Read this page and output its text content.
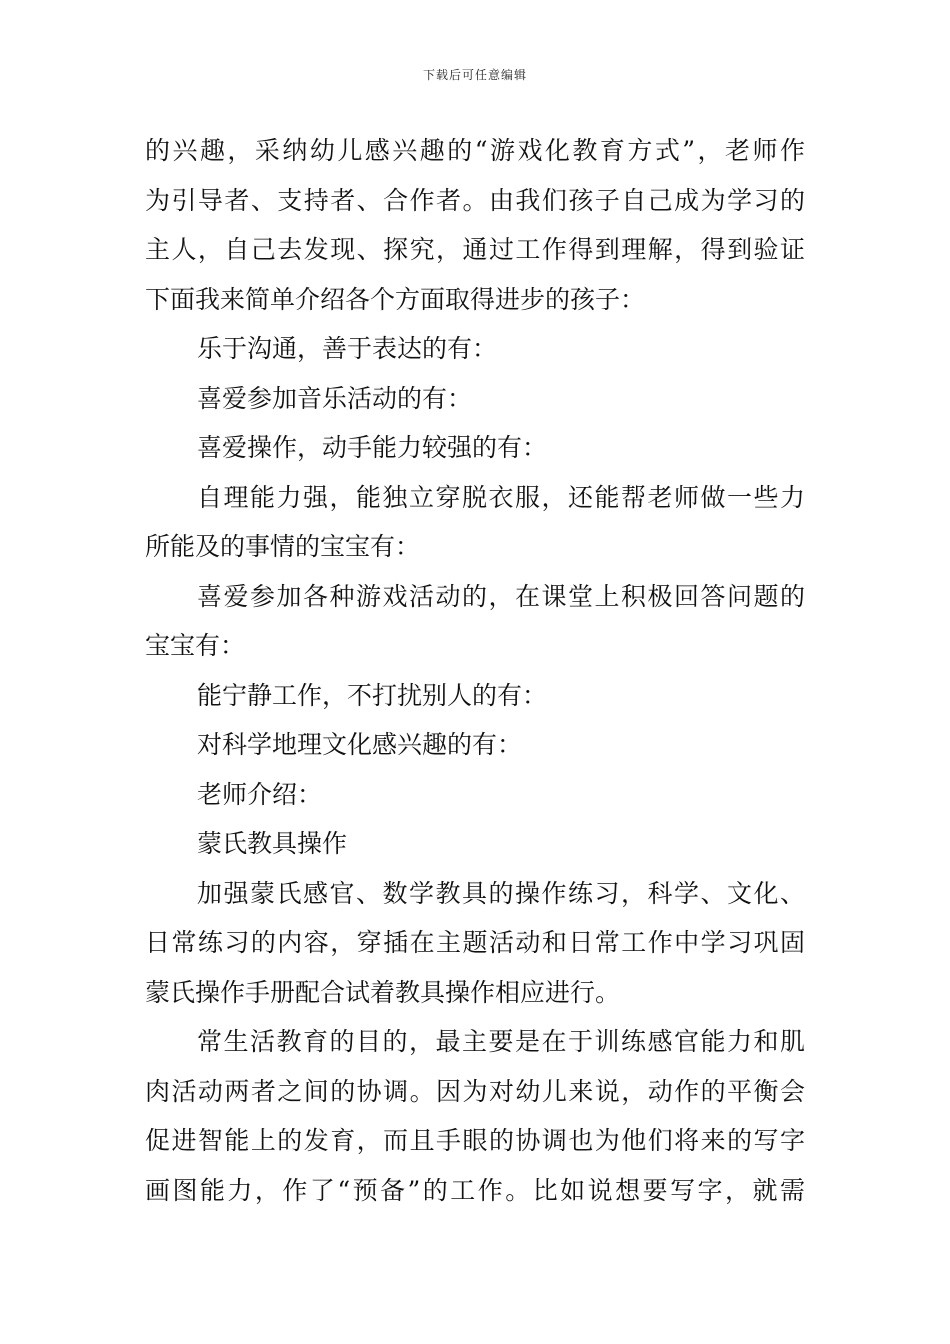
下载后可任意编辑
的兴趣，采纳幼儿感兴趣的“游戏化教育方式”，老师作
为引导者、支持者、合作者。由我们孩子自己成为学习的
主人，自己去发现、探究，通过工作得到理解，得到验证
下面我来简单介绍各个方面取得进步的孩子：
乐于沟通，善于表达的有：
喜爱参加音乐活动的有：
喜爱操作，动手能力较强的有：
自理能力强，能独立穿脱衣服，还能帮老师做一些力
所能及的事情的宝宝有：
喜爱参加各种游戏活动的，在课堂上积极回答问题的
宝宝有：
能宁静工作，不打扰别人的有：
对科学地理文化感兴趣的有：
老师介绍：
蒙氏教具操作
加强蒙氏感官、数学教具的操作练习，科学、文化、
日常练习的内容，穿插在主题活动和日常工作中学习巩固
蒙氏操作手册配合试着教具操作相应进行。
常生活教育的目的，最主要是在于训练感官能力和肌
肉活动两者之间的协调。因为对幼儿来说，动作的平衡会
促进智能上的发育，而且手眼的协调也为他们将来的写字
画图能力，作了“预备”的工作。比如说想要写字，就需
